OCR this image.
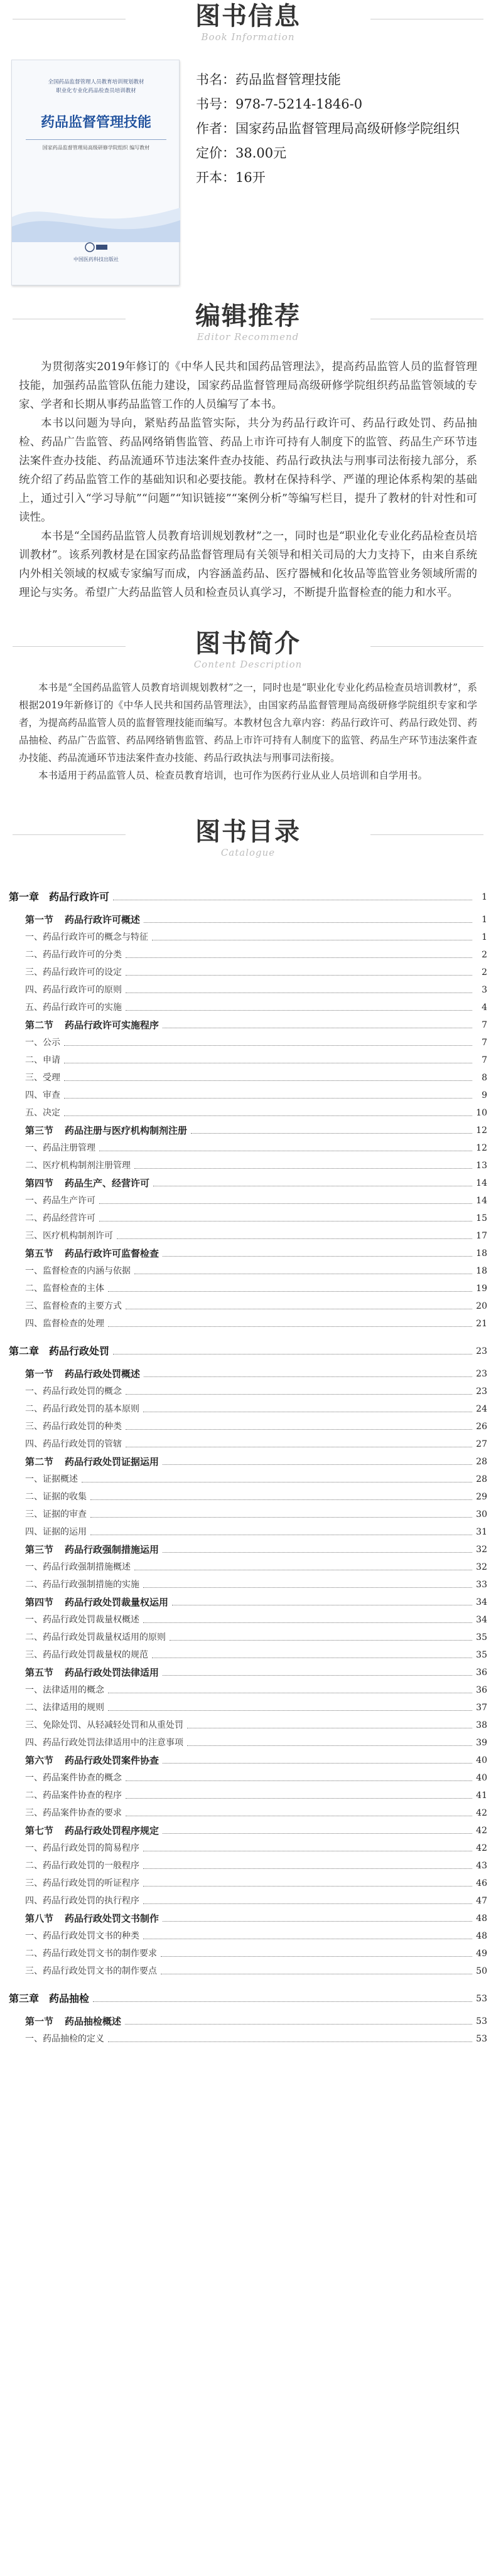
图书信息
Book Information
全国药品监督管理人员教育培训规划教材
职业化专业化药品检查员培训教材
药品监督管理技能
国家药品监督管理局高级研修学院组织 编写教材
中国医药科技出版社
书名：药品监督管理技能
书号：978-7-5214-1846-0
作者：国家药品监督管理局高级研修学院组织
定价：38.00元
开本：16开
编辑推荐
Editor Recommend

为贯彻落实2019年修订的《中华人民共和国药品管理法》，提高药品监管人员的监督管理技能，加强药品监管队伍能力建设，国家药品监督管理局高级研修学院组织药品监管领域的专家、学者和长期从事药品监管工作的人员编写了本书。

本书以问题为导向，紧贴药品监管实际，共分为药品行政许可、药品行政处罚、药品抽检、药品广告监管、药品网络销售监管、药品上市许可持有人制度下的监管、药品生产环节违法案件查办技能、药品流通环节违法案件查办技能、药品行政执法与刑事司法衔接九部分，系统介绍了药品监管工作的基础知识和必要技能。教材在保持科学、严谨的理论体系构架的基础上，通过引入“学习导航”“问题”“知识链接”“案例分析”等编写栏目，提升了教材的针对性和可读性。

本书是“全国药品监管人员教育培训规划教材”之一，同时也是“职业化专业化药品检查员培训教材”。该系列教材是在国家药品监督管理局有关领导和相关司局的大力支持下，由来自系统内外相关领域的权威专家编写而成，内容涵盖药品、医疗器械和化妆品等监管业务领域所需的理论与实务。希望广大药品监管人员和检查员认真学习，不断提升监督检查的能力和水平。

图书简介
Content Description

本书是“全国药品监管人员教育培训规划教材”之一，同时也是“职业化专业化药品检查员培训教材”，系根据2019年新修订的《中华人民共和国药品管理法》，由国家药品监督管理局高级研修学院组织专家和学者，为提高药品监管人员的监督管理技能而编写。本教材包含九章内容：药品行政许可、药品行政处罚、药品抽检、药品广告监管、药品网络销售监管、药品上市许可持有人制度下的监管、药品生产环节违法案件查办技能、药品流通环节违法案件查办技能、药品行政执法与刑事司法衔接。

本书适用于药品监管人员、检查员教育培训，也可作为医药行业从业人员培训和自学用书。

图书目录
Catalogue
第一章 药品行政许可	1
第一节 药品行政许可概述	1
一、 药品行政许可的概念与特征	1
二、 药品行政许可的分类	2
三、 药品行政许可的设定	2
四、 药品行政许可的原则	3
五、 药品行政许可的实施	4
第二节 药品行政许可实施程序	7
一、 公示	7
二、 申请	7
三、 受理	8
四、 审查	9
五、 决定	10
第三节 药品注册与医疗机构制剂注册	12
一、 药品注册管理	12
二、 医疗机构制剂注册管理	13
第四节 药品生产、经营许可	14
一、 药品生产许可	14
二、 药品经营许可	15
三、 医疗机构制剂许可	17
第五节 药品行政许可监督检查	18
一、 监督检查的内涵与依据	18
二、 监督检查的主体	19
三、 监督检查的主要方式	20
四、 监督检查的处理	21
第二章 药品行政处罚	23
第一节 药品行政处罚概述	23
一、 药品行政处罚的概念	23
二、 药品行政处罚的基本原则	24
三、 药品行政处罚的种类	26
四、 药品行政处罚的管辖	27
第二节 药品行政处罚证据运用	28
一、 证据概述	28
二、 证据的收集	29
三、 证据的审查	30
四、 证据的运用	31
第三节 药品行政强制措施运用	32
一、 药品行政强制措施概述	32
二、 药品行政强制措施的实施	33
第四节 药品行政处罚裁量权运用	34
一、 药品行政处罚裁量权概述	34
二、 药品行政处罚裁量权适用的原则	35
三、 药品行政处罚裁量权的规范	35
第五节 药品行政处罚法律适用	36
一、 法律适用的概念	36
二、 法律适用的规则	37
三、 免除处罚、从轻减轻处罚和从重处罚	38
四、 药品行政处罚法律适用中的注意事项	39
第六节 药品行政处罚案件协查	40
一、 药品案件协查的概念	40
二、 药品案件协查的程序	41
三、 药品案件协查的要求	42
第七节 药品行政处罚程序规定	42
一、 药品行政处罚的简易程序	42
二、 药品行政处罚的一般程序	43
三、 药品行政处罚的听证程序	46
四、 药品行政处罚的执行程序	47
第八节 药品行政处罚文书制作	48
一、 药品行政处罚文书的种类	48
二、 药品行政处罚文书的制作要求	49
三、 药品行政处罚文书的制作要点	50
第三章 药品抽检	53
第一节 药品抽检概述	53
一、 药品抽检的定义	53
